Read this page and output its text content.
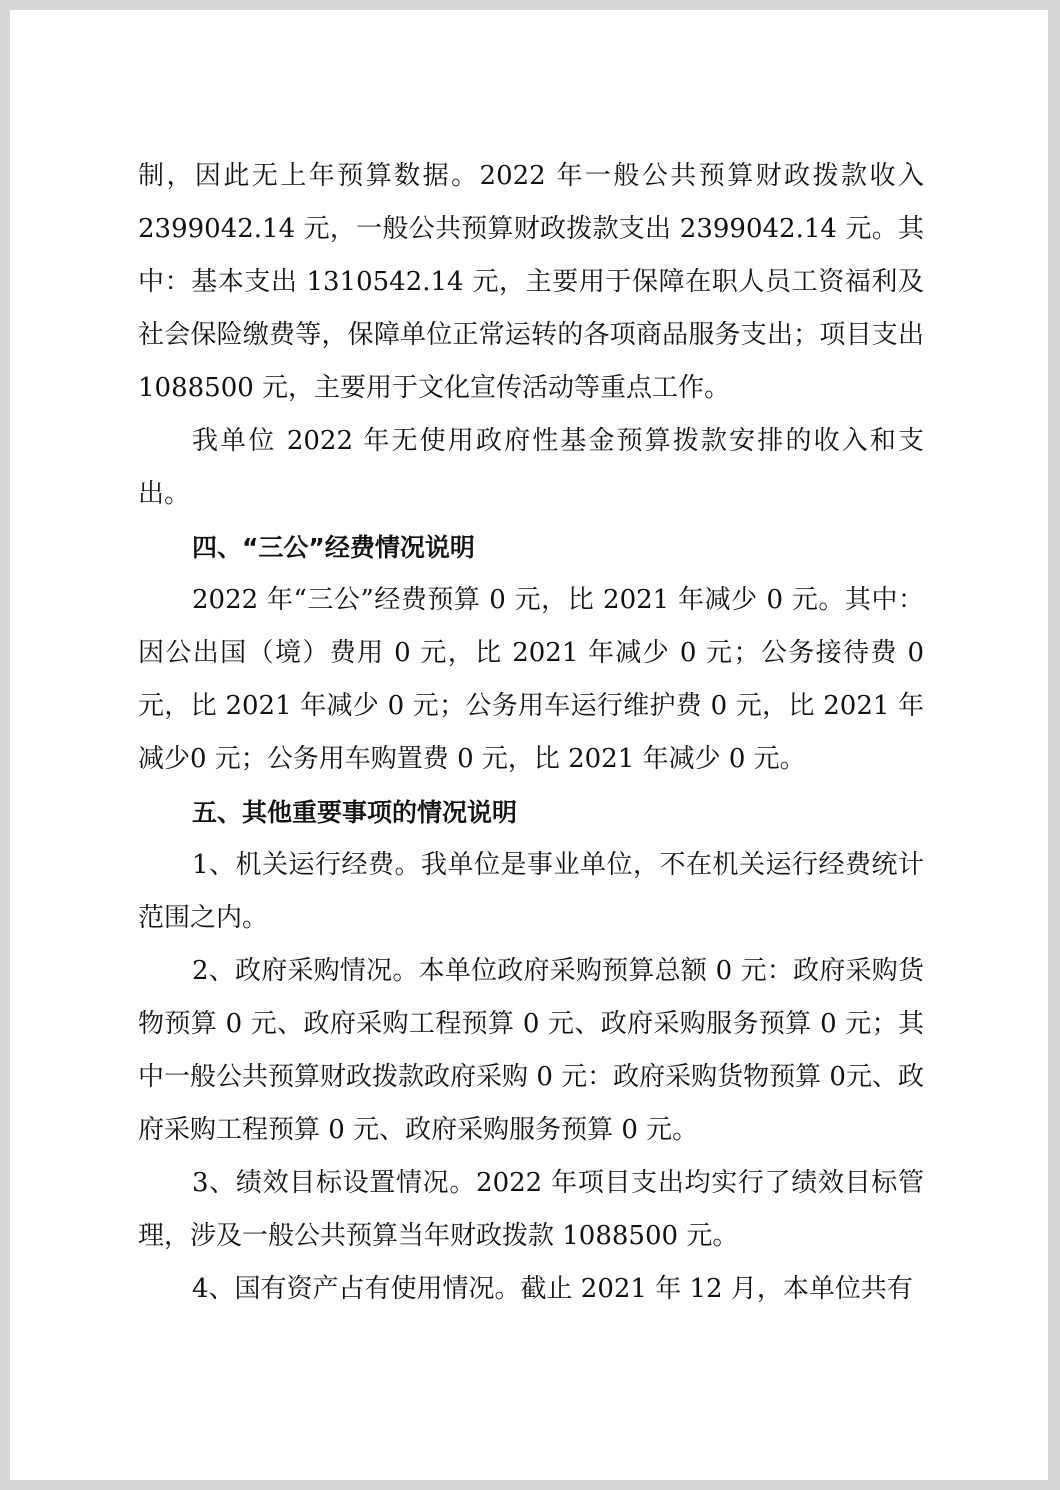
制，因此无上年预算数据。2022 年一般公共预算财政拨款收入2399042.14 元，一般公共预算财政拨款支出 2399042.14 元。其中：基本支出 1310542.14 元，主要用于保障在职人员工资福利及社会保险缴费等，保障单位正常运转的各项商品服务支出；项目支出1088500 元，主要用于文化宣传活动等重点工作。

我单位 2022 年无使用政府性基金预算拨款安排的收入和支出。

四、“三公”经费情况说明

2022 年“三公”经费预算 0 元，比 2021 年减少 0 元。其中：因公出国（境）费用 0 元，比 2021 年减少 0 元；公务接待费 0 元，比 2021 年减少 0 元；公务用车运行维护费 0 元，比 2021 年减少0 元；公务用车购置费 0 元，比 2021 年减少 0 元。

五、其他重要事项的情况说明

1、机关运行经费。我单位是事业单位，不在机关运行经费统计范围之内。

2、政府采购情况。本单位政府采购预算总额 0 元：政府采购货物预算 0 元、政府采购工程预算 0 元、政府采购服务预算 0 元；其中一般公共预算财政拨款政府采购 0 元：政府采购货物预算 0元、政府采购工程预算 0 元、政府采购服务预算 0 元。

3、绩效目标设置情况。2022 年项目支出均实行了绩效目标管理，涉及一般公共预算当年财政拨款 1088500 元。

4、国有资产占有使用情况。截止 2021 年 12 月，本单位共有
